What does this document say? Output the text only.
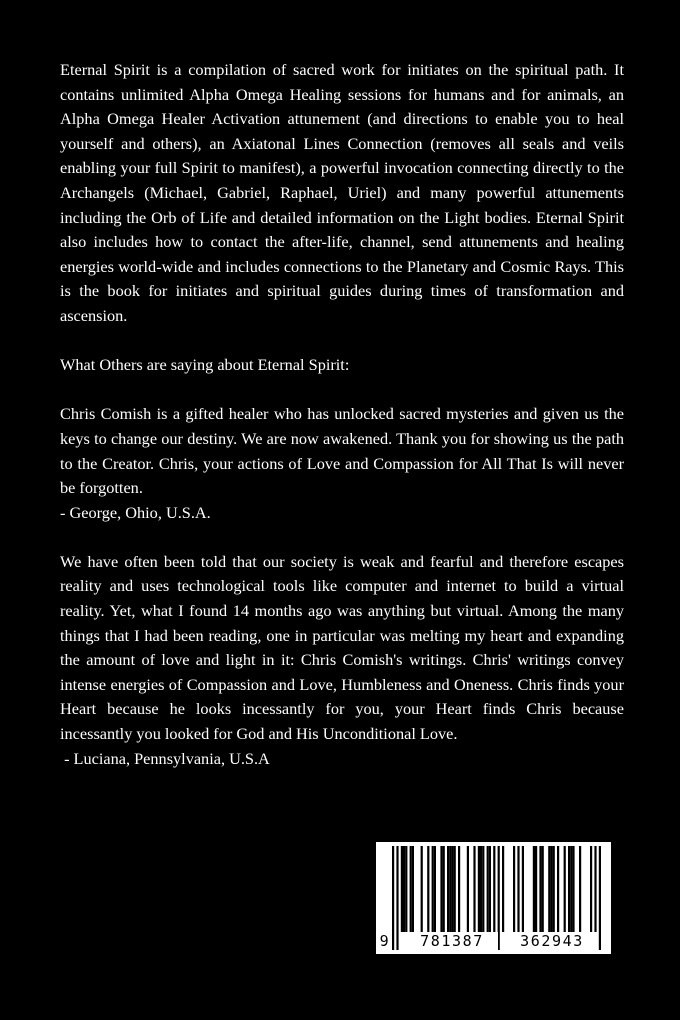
Eternal Spirit is a compilation of sacred work for initiates on the spiritual path. It contains unlimited Alpha Omega Healing sessions for humans and for animals, an Alpha Omega Healer Activation attunement (and directions to enable you to heal yourself and others), an Axiatonal Lines Connection (removes all seals and veils enabling your full Spirit to manifest), a powerful invocation connecting directly to the Archangels (Michael, Gabriel, Raphael, Uriel) and many powerful attunements including the Orb of Life and detailed information on the Light bodies. Eternal Spirit also includes how to contact the after-life, channel, send attunements and healing energies world-wide and includes connections to the Planetary and Cosmic Rays. This is the book for initiates and spiritual guides during times of transformation and ascension.

What Others are saying about Eternal Spirit:

Chris Comish is a gifted healer who has unlocked sacred mysteries and given us the keys to change our destiny. We are now awakened. Thank you for showing us the path to the Creator. Chris, your actions of Love and Compassion for All That Is will never be forgotten.

- George, Ohio, U.S.A.

We have often been told that our society is weak and fearful and therefore escapes reality and uses technological tools like computer and internet to build a virtual reality. Yet, what I found 14 months ago was anything but virtual. Among the many things that I had been reading, one in particular was melting my heart and expanding the amount of love and light in it: Chris Comish's writings. Chris' writings convey intense energies of Compassion and Love, Humbleness and Oneness. Chris finds your Heart because he looks incessantly for you, your Heart finds Chris because incessantly you looked for God and His Unconditional Love.

- Luciana, Pennsylvania, U.S.A

9	781387	362943
